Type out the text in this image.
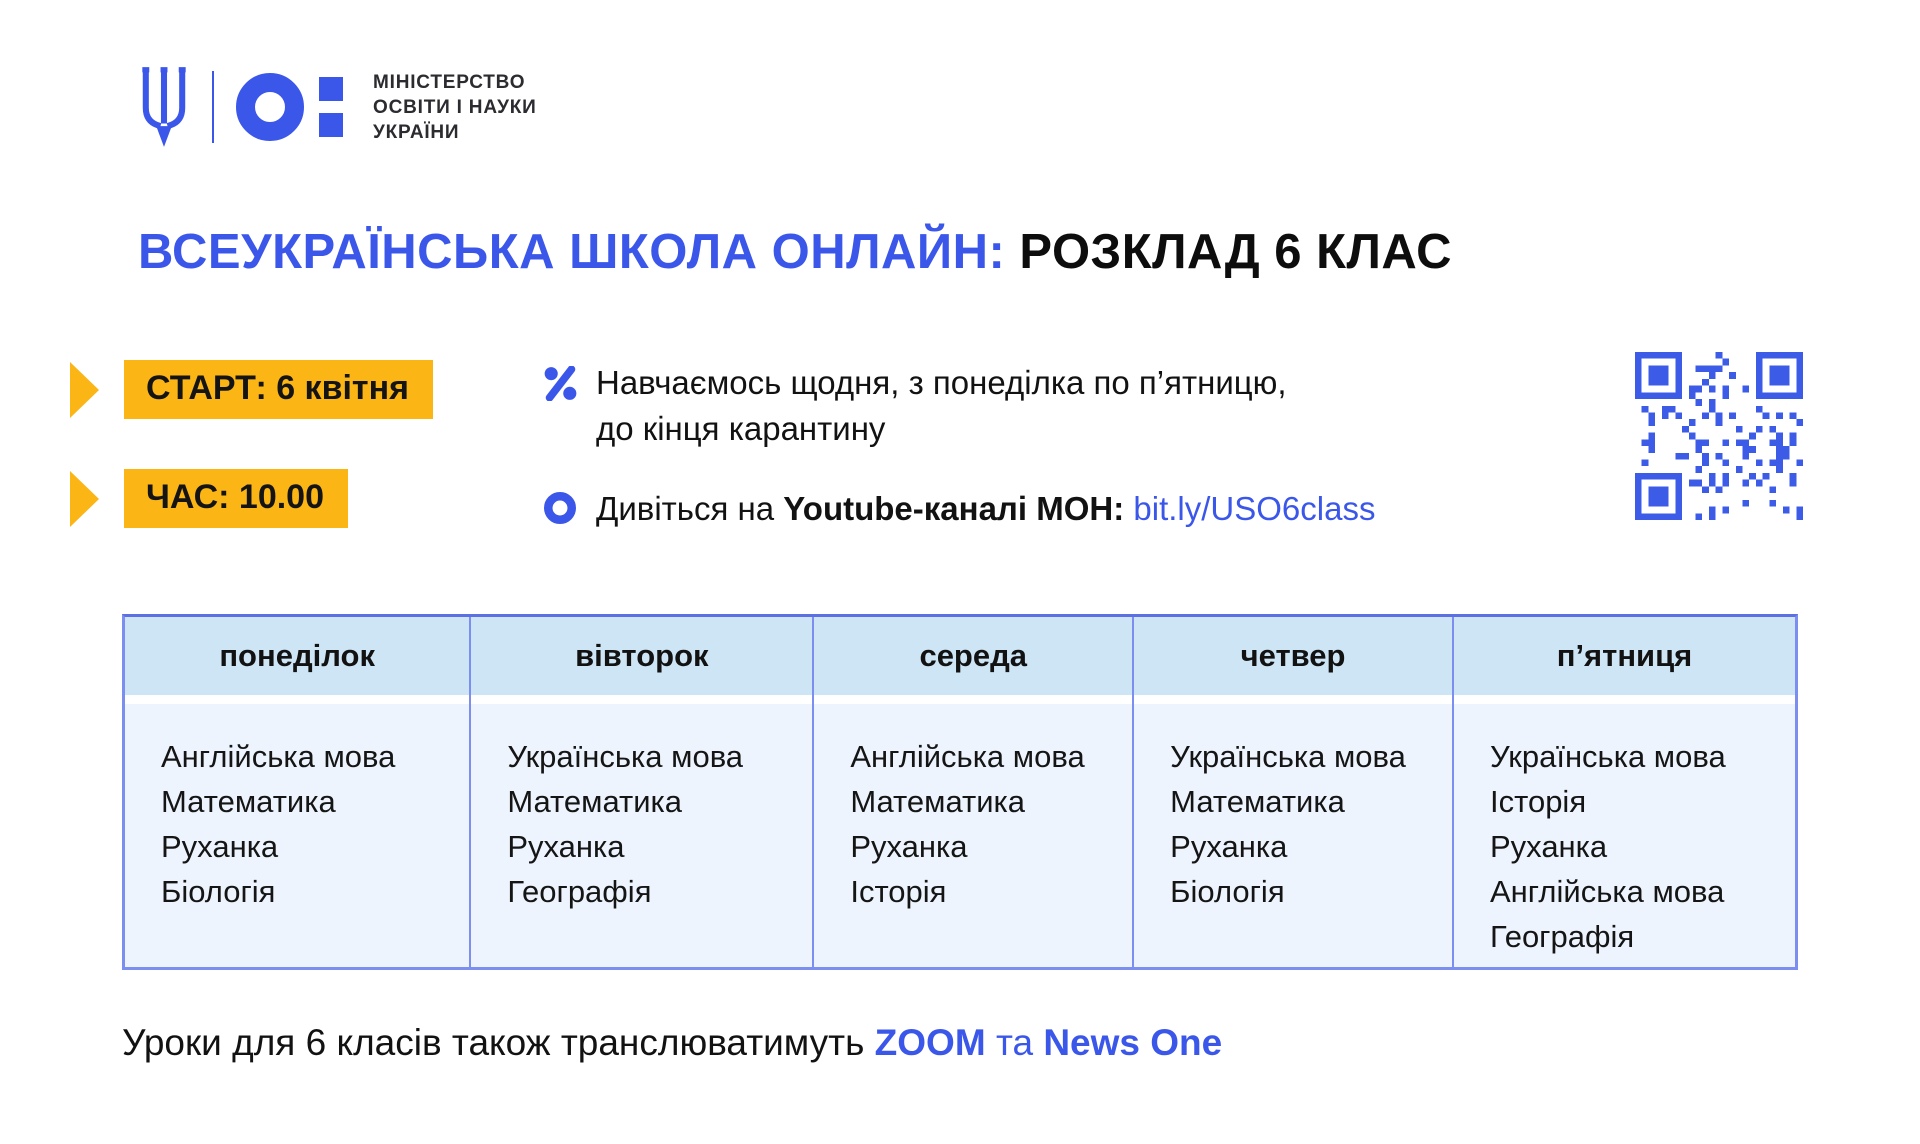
МІНІСТЕРСТВО
ОСВІТИ І НАУКИ
УКРАЇНИ
ВСЕУКРАЇНСЬКА ШКОЛА ОНЛАЙН: РОЗКЛАД 6 КЛАС
СТАРТ: 6 квітня
ЧАС: 10.00
Навчаємось щодня, з понеділка по п’ятницю,
до кінця карантину
Дивіться на Youtube-каналі МОН: bit.ly/USO6class
понеділок
Англійська мова
Математика
Руханка
Біологія
вівторок
Українська мова
Математика
Руханка
Географія
середа
Англійська мова
Математика
Руханка
Історія
четвер
Українська мова
Математика
Руханка
Біологія
п’ятниця
Українська мова
Історія
Руханка
Англійська мова
Географія

Уроки для 6 класів також транслюватимуть ZOOM та News One
